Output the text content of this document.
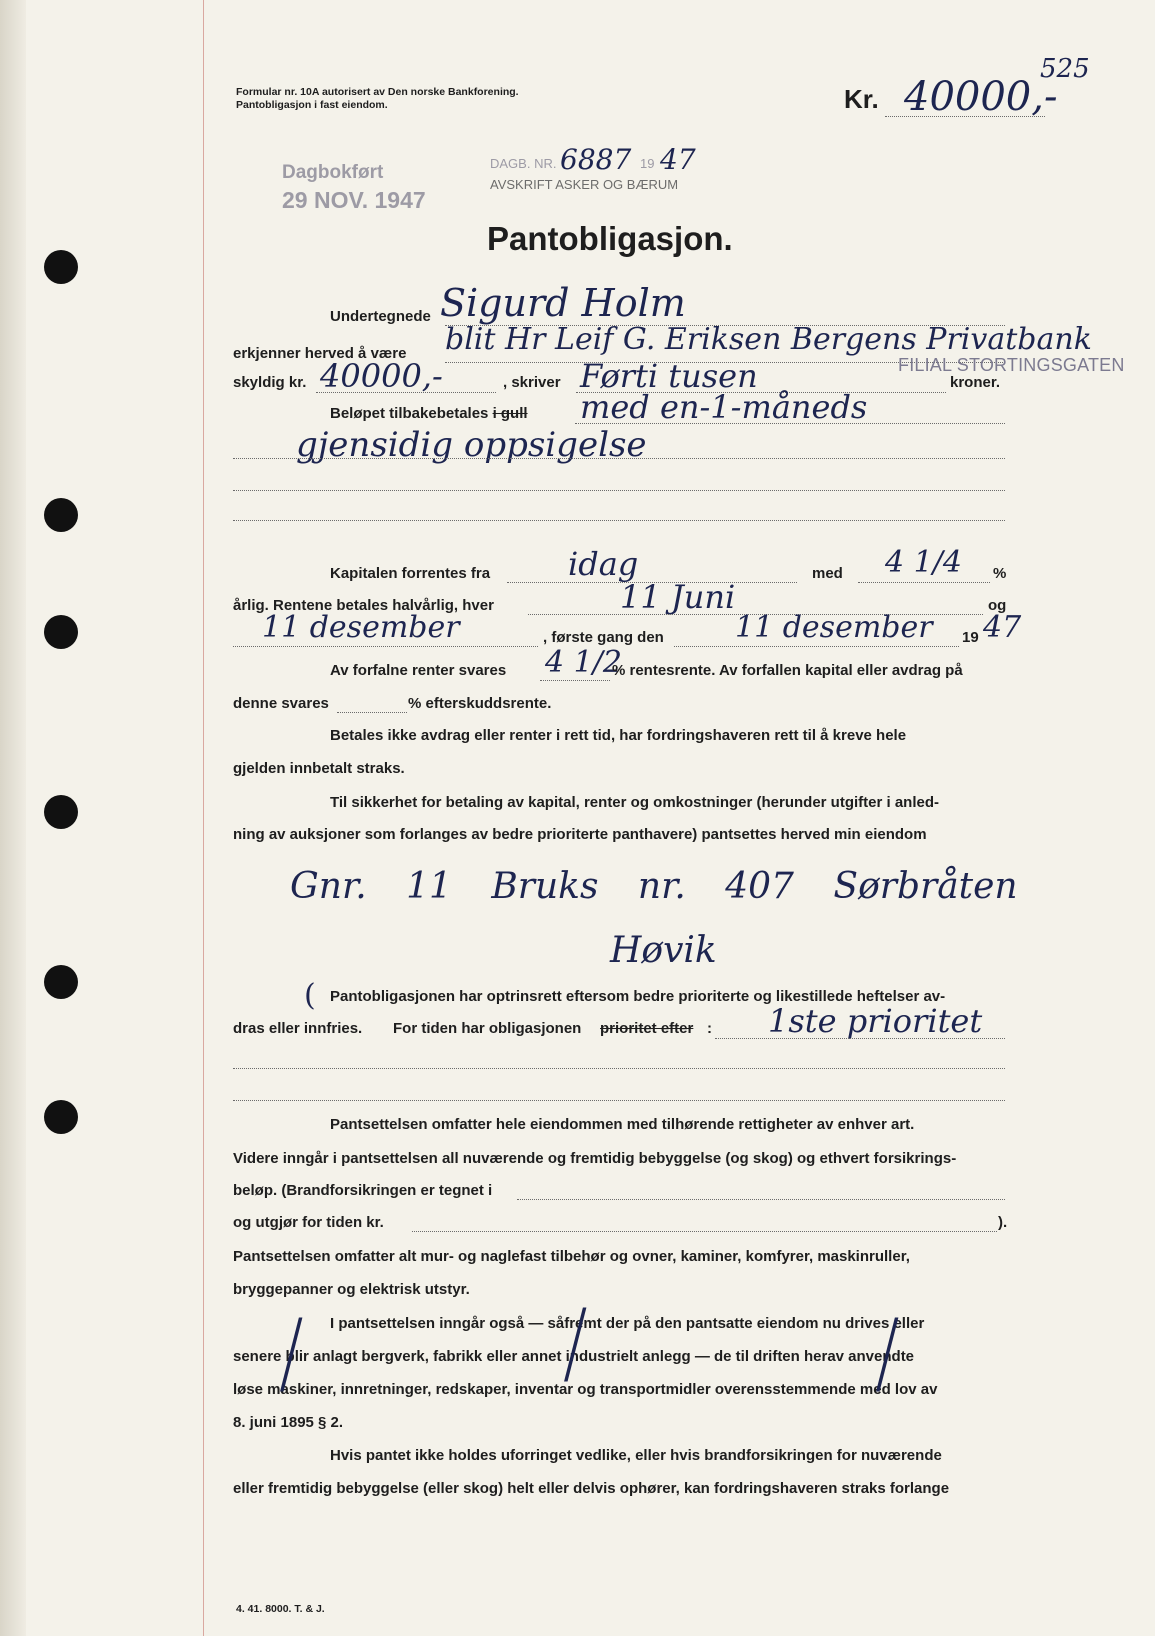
Formular nr. 10A autorisert av Den norske Bankforening.
Pantobligasjon i fast eiendom.	Kr. 40000,-
525
Dagbokført
29 NOV. 1947
DAGB. NR. 6887 19 47
AVSKRIFT ASKER OG BÆRUM
Pantobligasjon.
Undertegnede Sigurd Holm
erkjenner herved å være blit Hr Leif G. Eriksen Bergens Privatbank
skyldig kr. 40000,-	, skriver Førti tusen	kroner.
FILIAL STORTINGSGATEN
Beløpet tilbakebetales i gull med en-1-måneds
gjensidig oppsigelse
Kapitalen forrentes fra idag	med 4 1/4 %
årlig. Rentene betales halvårlig, hver	11 Juni	og
11 desember	, første gang den 11 desember 19 47
Av forfalne renter svares 4 1/2
% rentesrente. Av forfallen kapital eller avdrag på
denne svares	% efterskuddsrente.
Betales ikke avdrag eller renter i rett tid, har fordringshaveren rett til å kreve hele
gjelden innbetalt straks.
Til sikkerhet for betaling av kapital, renter og omkostninger (herunder utgifter i anled-
ning av auksjoner som forlanges av bedre prioriterte panthavere) pantsettes herved min eiendom
Gnr. 11 Bruks nr. 407 Sørbråten
Høvik
( Pantobligasjonen har optrinsrett eftersom bedre prioriterte og likestillede heftelser av-
dras eller innfries. For tiden har obligasjonen prioritet efter : 1ste prioritet
Pantsettelsen omfatter hele eiendommen med tilhørende rettigheter av enhver art.
Videre inngår i pantsettelsen all nuværende og fremtidig bebyggelse (og skog) og ethvert forsikrings-
beløp. (Brandforsikringen er tegnet i
og utgjør for tiden kr.	).
Pantsettelsen omfatter alt mur- og naglefast tilbehør og ovner, kaminer, komfyrer, maskinruller,
bryggepanner og elektrisk utstyr.
I pantsettelsen inngår også — såfremt der på den pantsatte eiendom nu drives eller
senere blir anlagt bergverk, fabrikk eller annet industrielt anlegg — de til driften herav anvendte
løse maskiner, innretninger, redskaper, inventar og transportmidler overensstemmende med lov av
8. juni 1895 § 2.
/	/	/
Hvis pantet ikke holdes uforringet vedlike, eller hvis brandforsikringen for nuværende
eller fremtidig bebyggelse (eller skog) helt eller delvis ophører, kan fordringshaveren straks forlange
4. 41. 8000. T. & J.
